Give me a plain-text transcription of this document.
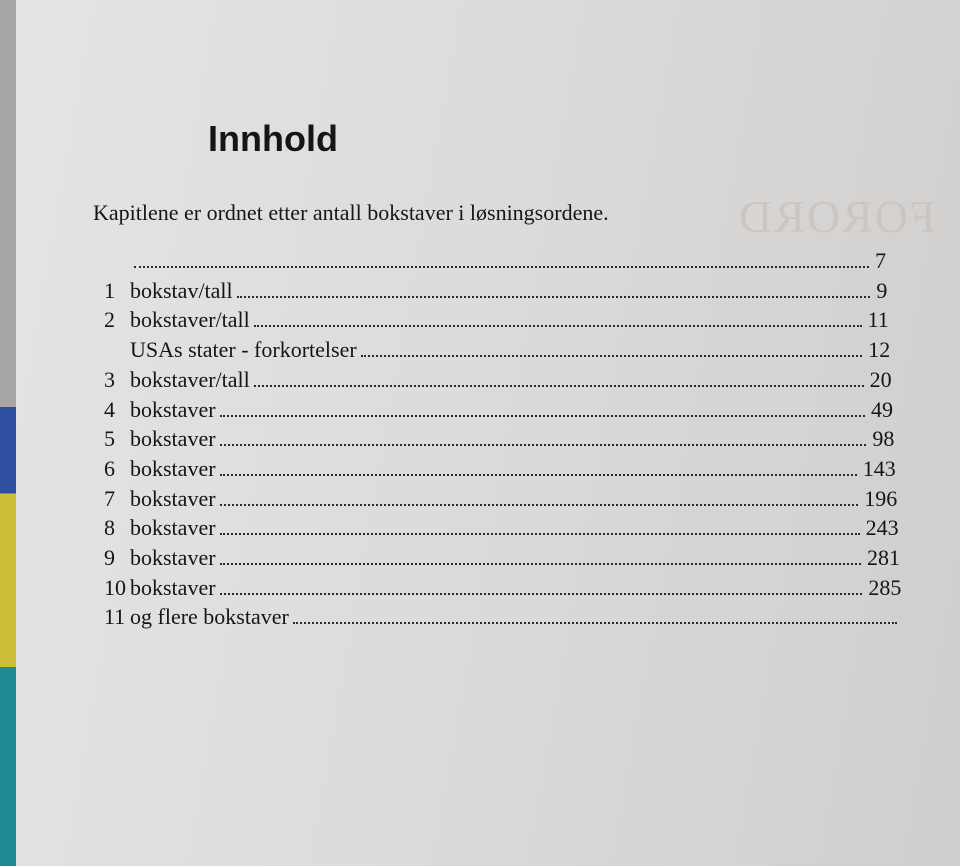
FORORD
Innhold

Kapitlene er ordnet etter antall bokstaver i løsningsordene.

7
1 bokstav/tall	9
2 bokstaver/tall	11
USAs stater - forkortelser	12
3 bokstaver/tall	20
4 bokstaver	49
5 bokstaver	98
6 bokstaver	143
7 bokstaver	196
8 bokstaver	243
9 bokstaver	281
10 bokstaver	285
11 og flere bokstaver
